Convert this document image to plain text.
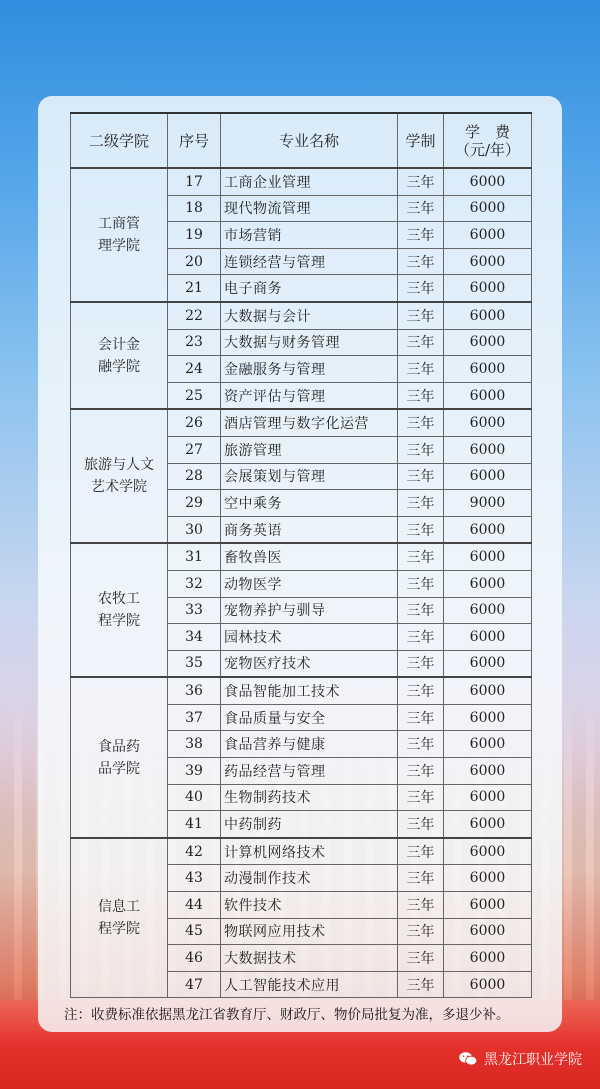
二级学院	序号	专业名称	学制	学　费
（元/年）
工商管
理学院	17	工商企业管理	三年	6000
	18	现代物流管理	三年	6000
	19	市场营销	三年	6000
	20	连锁经营与管理	三年	6000
	21	电子商务	三年	6000
会计金
融学院	22	大数据与会计	三年	6000
	23	大数据与财务管理	三年	6000
	24	金融服务与管理	三年	6000
	25	资产评估与管理	三年	6000
旅游与人文
艺术学院	26	酒店管理与数字化运营	三年	6000
	27	旅游管理	三年	6000
	28	会展策划与管理	三年	6000
	29	空中乘务	三年	9000
	30	商务英语	三年	6000
农牧工
程学院	31	畜牧兽医	三年	6000
	32	动物医学	三年	6000
	33	宠物养护与驯导	三年	6000
	34	园林技术	三年	6000
	35	宠物医疗技术	三年	6000
食品药
品学院	36	食品智能加工技术	三年	6000
	37	食品质量与安全	三年	6000
	38	食品营养与健康	三年	6000
	39	药品经营与管理	三年	6000
	40	生物制药技术	三年	6000
	41	中药制药	三年	6000
信息工
程学院	42	计算机网络技术	三年	6000
	43	动漫制作技术	三年	6000
	44	软件技术	三年	6000
	45	物联网应用技术	三年	6000
	46	大数据技术	三年	6000
	47	人工智能技术应用	三年	6000
注：收费标准依据黑龙江省教育厅、财政厅、物价局批复为准，多退少补。
黑龙江职业学院
